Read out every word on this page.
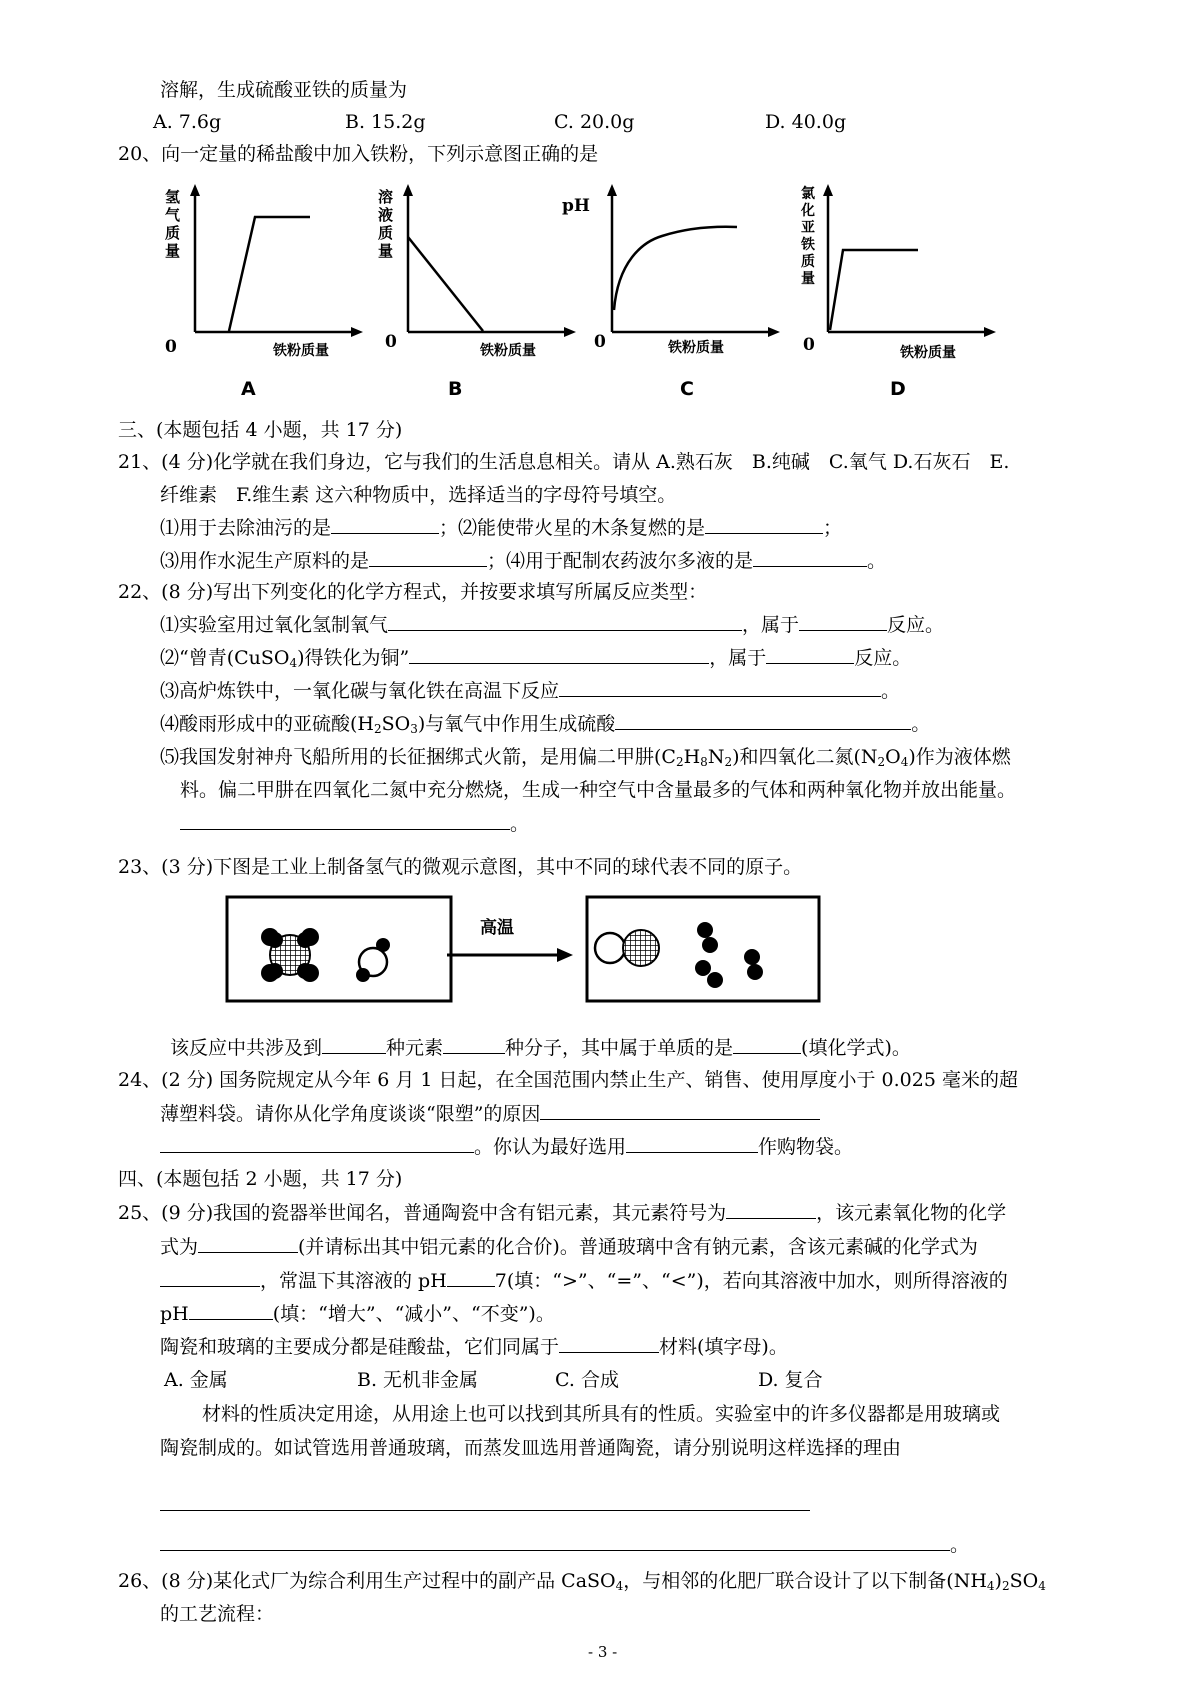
溶解，生成硫酸亚铁的质量为
A. 7.6g	B. 15.2g	C. 20.0g	D. 40.0g
20、向一定量的稀盐酸中加入铁粉，下列示意图正确的是
氢
气
质
量
0	铁粉质量
A
溶
液
质
量
0	铁粉质量
B
pH
0	铁粉质量
C
氯
化
亚
铁
质
量
0	铁粉质量
D
三、(本题包括 4 小题，共 17 分)
21、(4 分)化学就在我们身边，它与我们的生活息息相关。请从 A.熟石灰　B.纯碱　C.氧气 D.石灰石　E.
纤维素　F.维生素 这六种物质中，选择适当的字母符号填空。
⑴用于去除油污的是	；⑵能使带火星的木条复燃的是	；
⑶用作水泥生产原料的是	；⑷用于配制农药波尔多液的是	。
22、(8 分)写出下列变化的化学方程式，并按要求填写所属反应类型：
⑴实验室用过氧化氢制氧气	，属于	反应。
⑵“曾青(CuSO$_4$)得铁化为铜”	，属于	反应。
⑶高炉炼铁中，一氧化碳与氧化铁在高温下反应	。
⑷酸雨形成中的亚硫酸$(H_2SO_3)$与氧气中作用生成硫酸	。
⑸我国发射神舟飞船所用的长征捆绑式火箭，是用偏二甲肼$(C_2H_8N_2)$和四氧化二氮$(N_2O_4)$作为液体燃
料。偏二甲肼在四氧化二氮中充分燃烧，生成一种空气中含量最多的气体和两种氧化物并放出能量。
。
23、(3 分)下图是工业上制备氢气的微观示意图，其中不同的球代表不同的原子。
高温
该反应中共涉及到	种元素	种分子，其中属于单质的是	(填化学式)。
24、(2 分) 国务院规定从今年 6 月 1 日起，在全国范围内禁止生产、销售、使用厚度小于 0.025 毫米的超
薄塑料袋。请你从化学角度谈谈“限塑”的原因
。你认为最好选用	作购物袋。
四、(本题包括 2 小题，共 17 分)
25、(9 分)我国的瓷器举世闻名，普通陶瓷中含有铝元素，其元素符号为	，该元素氧化物的化学
式为	(并请标出其中铝元素的化合价)。普通玻璃中含有钠元素，含该元素碱的化学式为
，常温下其溶液的 pH	7(填：“>”、“=”、“<”)，若向其溶液中加水，则所得溶液的
pH	(填：“增大”、“减小”、“不变”)。
陶瓷和玻璃的主要成分都是硅酸盐，它们同属于	材料(填字母)。
A. 金属	B. 无机非金属	C. 合成	D. 复合
材料的性质决定用途，从用途上也可以找到其所具有的性质。实验室中的许多仪器都是用玻璃或
陶瓷制成的。如试管选用普通玻璃，而蒸发皿选用普通陶瓷，请分别说明这样选择的理由
。
26、(8 分)某化式厂为综合利用生产过程中的副产品 CaSO$_4$，与相邻的化肥厂联合设计了以下制备$(NH_4)_2SO_4$
的工艺流程：
- 3 -
